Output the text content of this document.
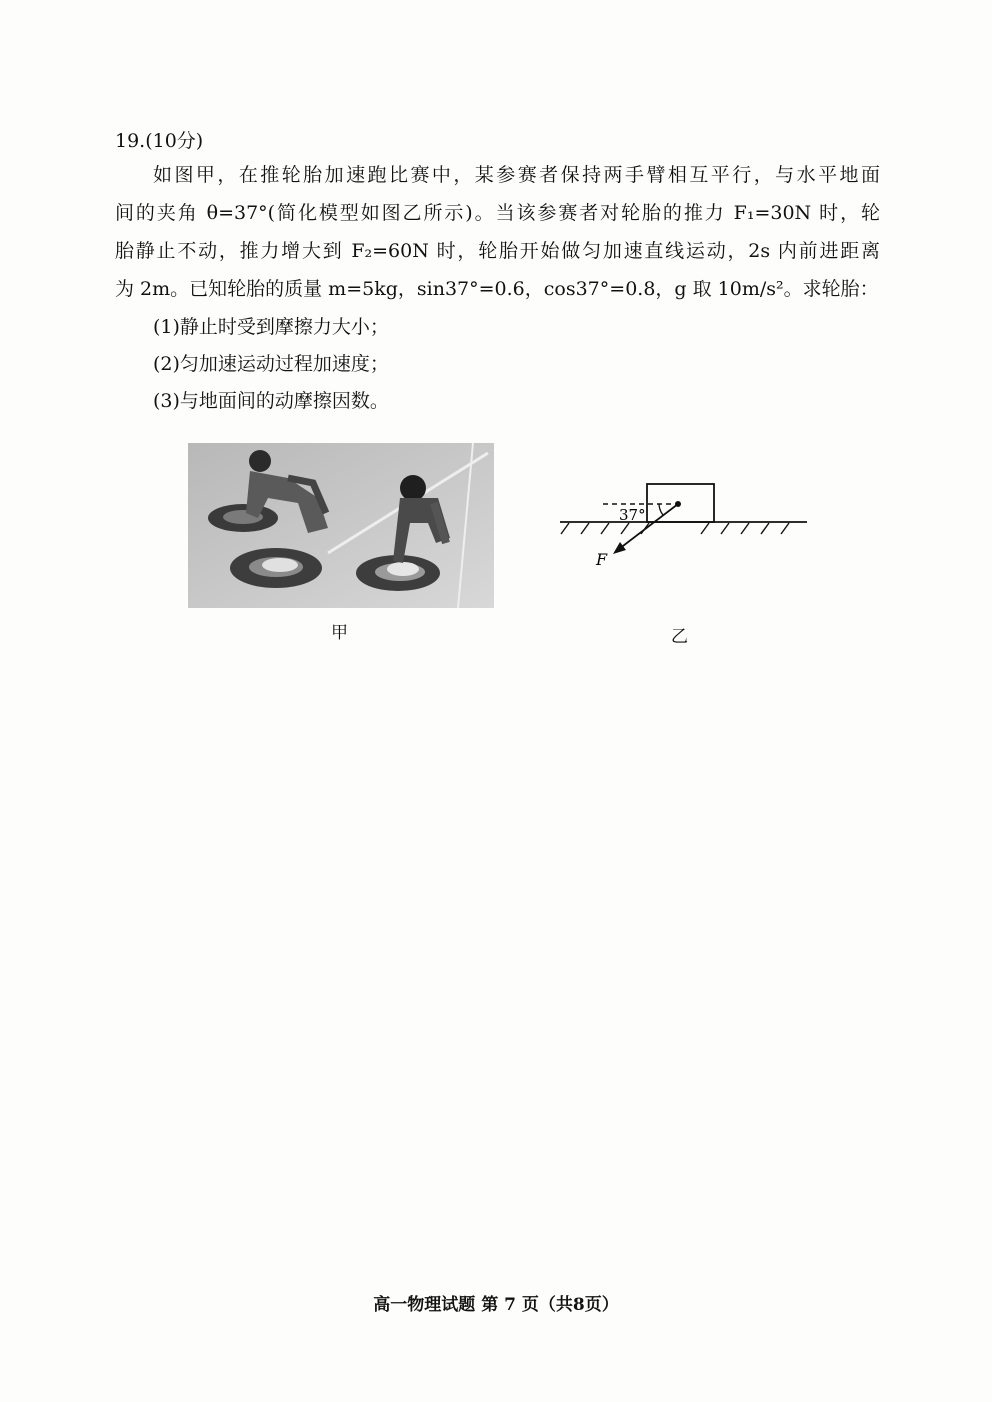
19.(10分)

如图甲，在推轮胎加速跑比赛中，某参赛者保持两手臂相互平行，与水平地面

间的夹角 θ=37°(简化模型如图乙所示)。当该参赛者对轮胎的推力 F₁=30N 时，轮

胎静止不动，推力增大到 F₂=60N 时，轮胎开始做匀加速直线运动，2s 内前进距离

为 2m。已知轮胎的质量 m=5kg，sin37°=0.6，cos37°=0.8，g 取 10m/s²。求轮胎：

(1)静止时受到摩擦力大小；
(2)匀加速运动过程加速度；
(3)与地面间的动摩擦因数。
甲
37°
F
乙
高一物理试题 第 7 页（共8页）
